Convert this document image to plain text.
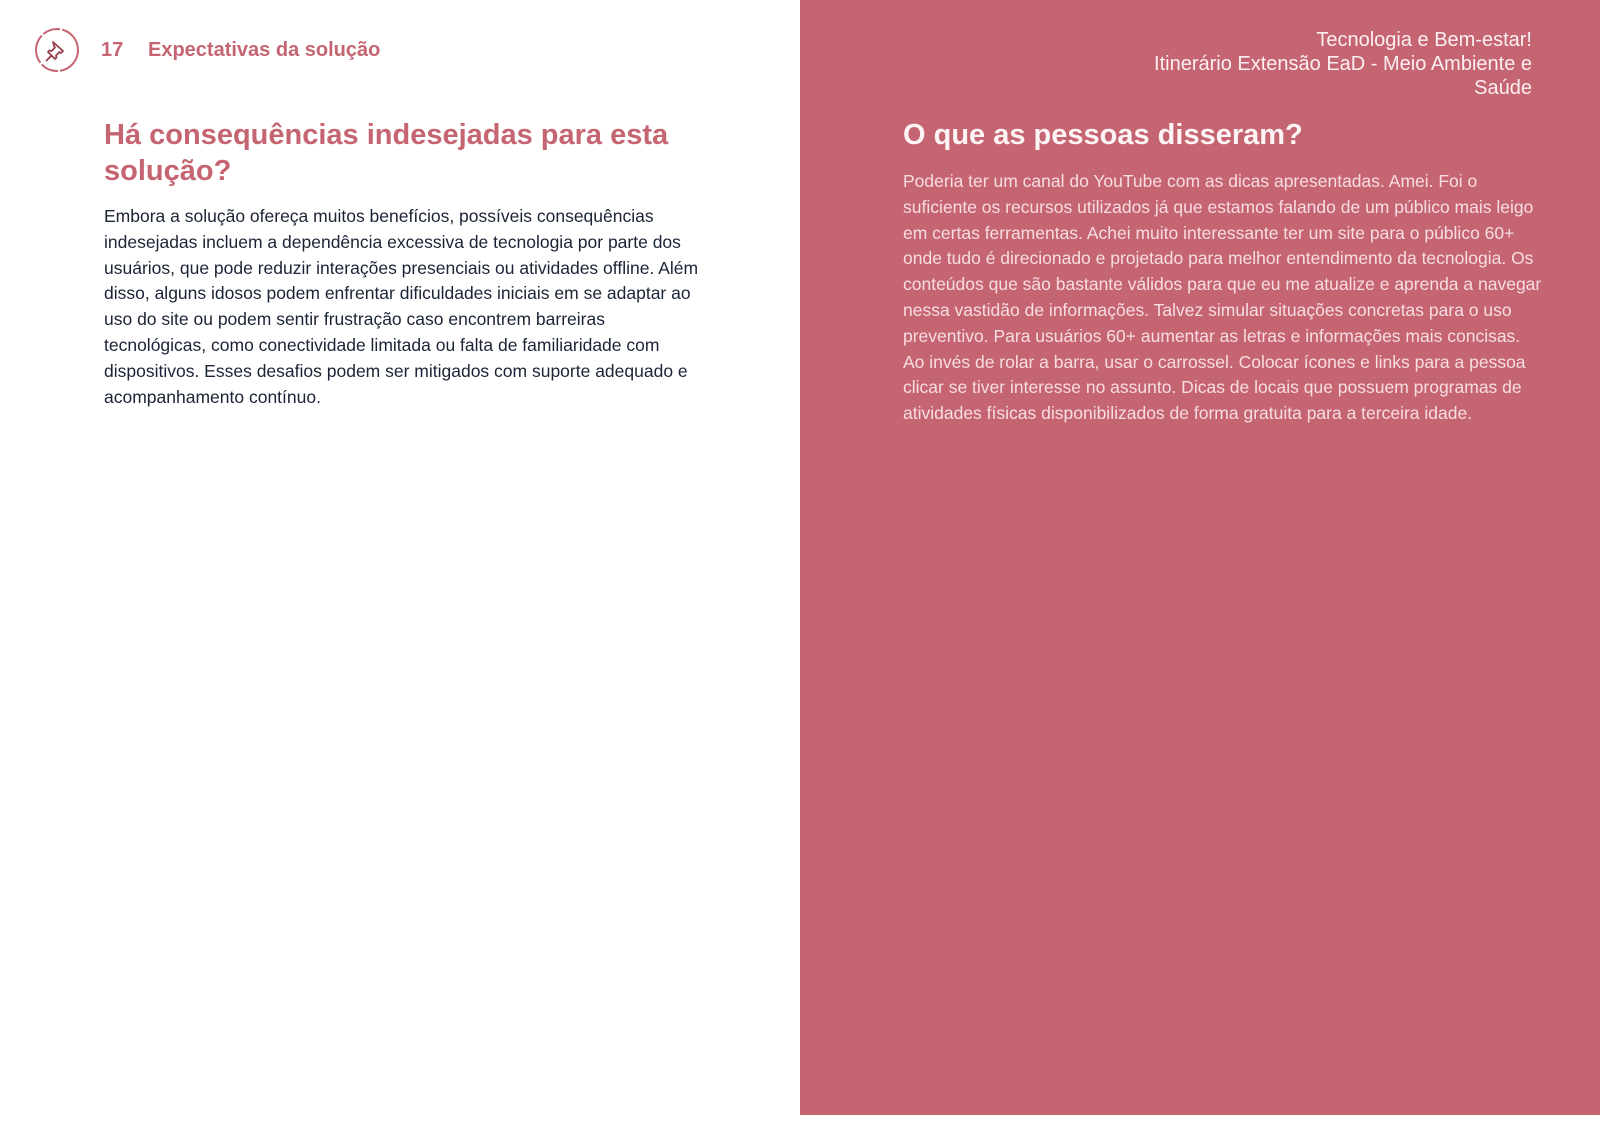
17 Expectativas da solução
Há consequências indesejadas para esta solução?

Embora a solução ofereça muitos benefícios, possíveis consequências indesejadas incluem a dependência excessiva de tecnologia por parte dos usuários, que pode reduzir interações presenciais ou atividades offline. Além disso, alguns idosos podem enfrentar dificuldades iniciais em se adaptar ao uso do site ou podem sentir frustração caso encontrem barreiras tecnológicas, como conectividade limitada ou falta de familiaridade com dispositivos. Esses desafios podem ser mitigados com suporte adequado e acompanhamento contínuo.

Tecnologia e Bem-estar!
Itinerário Extensão EaD - Meio Ambiente e Saúde
O que as pessoas disseram?

Poderia ter um canal do YouTube com as dicas apresentadas. Amei. Foi o suficiente os recursos utilizados já que estamos falando de um público mais leigo em certas ferramentas. Achei muito interessante ter um site para o público 60+ onde tudo é direcionado e projetado para melhor entendimento da tecnologia. Os conteúdos que são bastante válidos para que eu me atualize e aprenda a navegar nessa vastidão de informações. Talvez simular situações concretas para o uso preventivo. Para usuários 60+ aumentar as letras e informações mais concisas. Ao invés de rolar a barra, usar o carrossel. Colocar ícones e links para a pessoa clicar se tiver interesse no assunto. Dicas de locais que possuem programas de atividades físicas disponibilizados de forma gratuita para a terceira idade.
